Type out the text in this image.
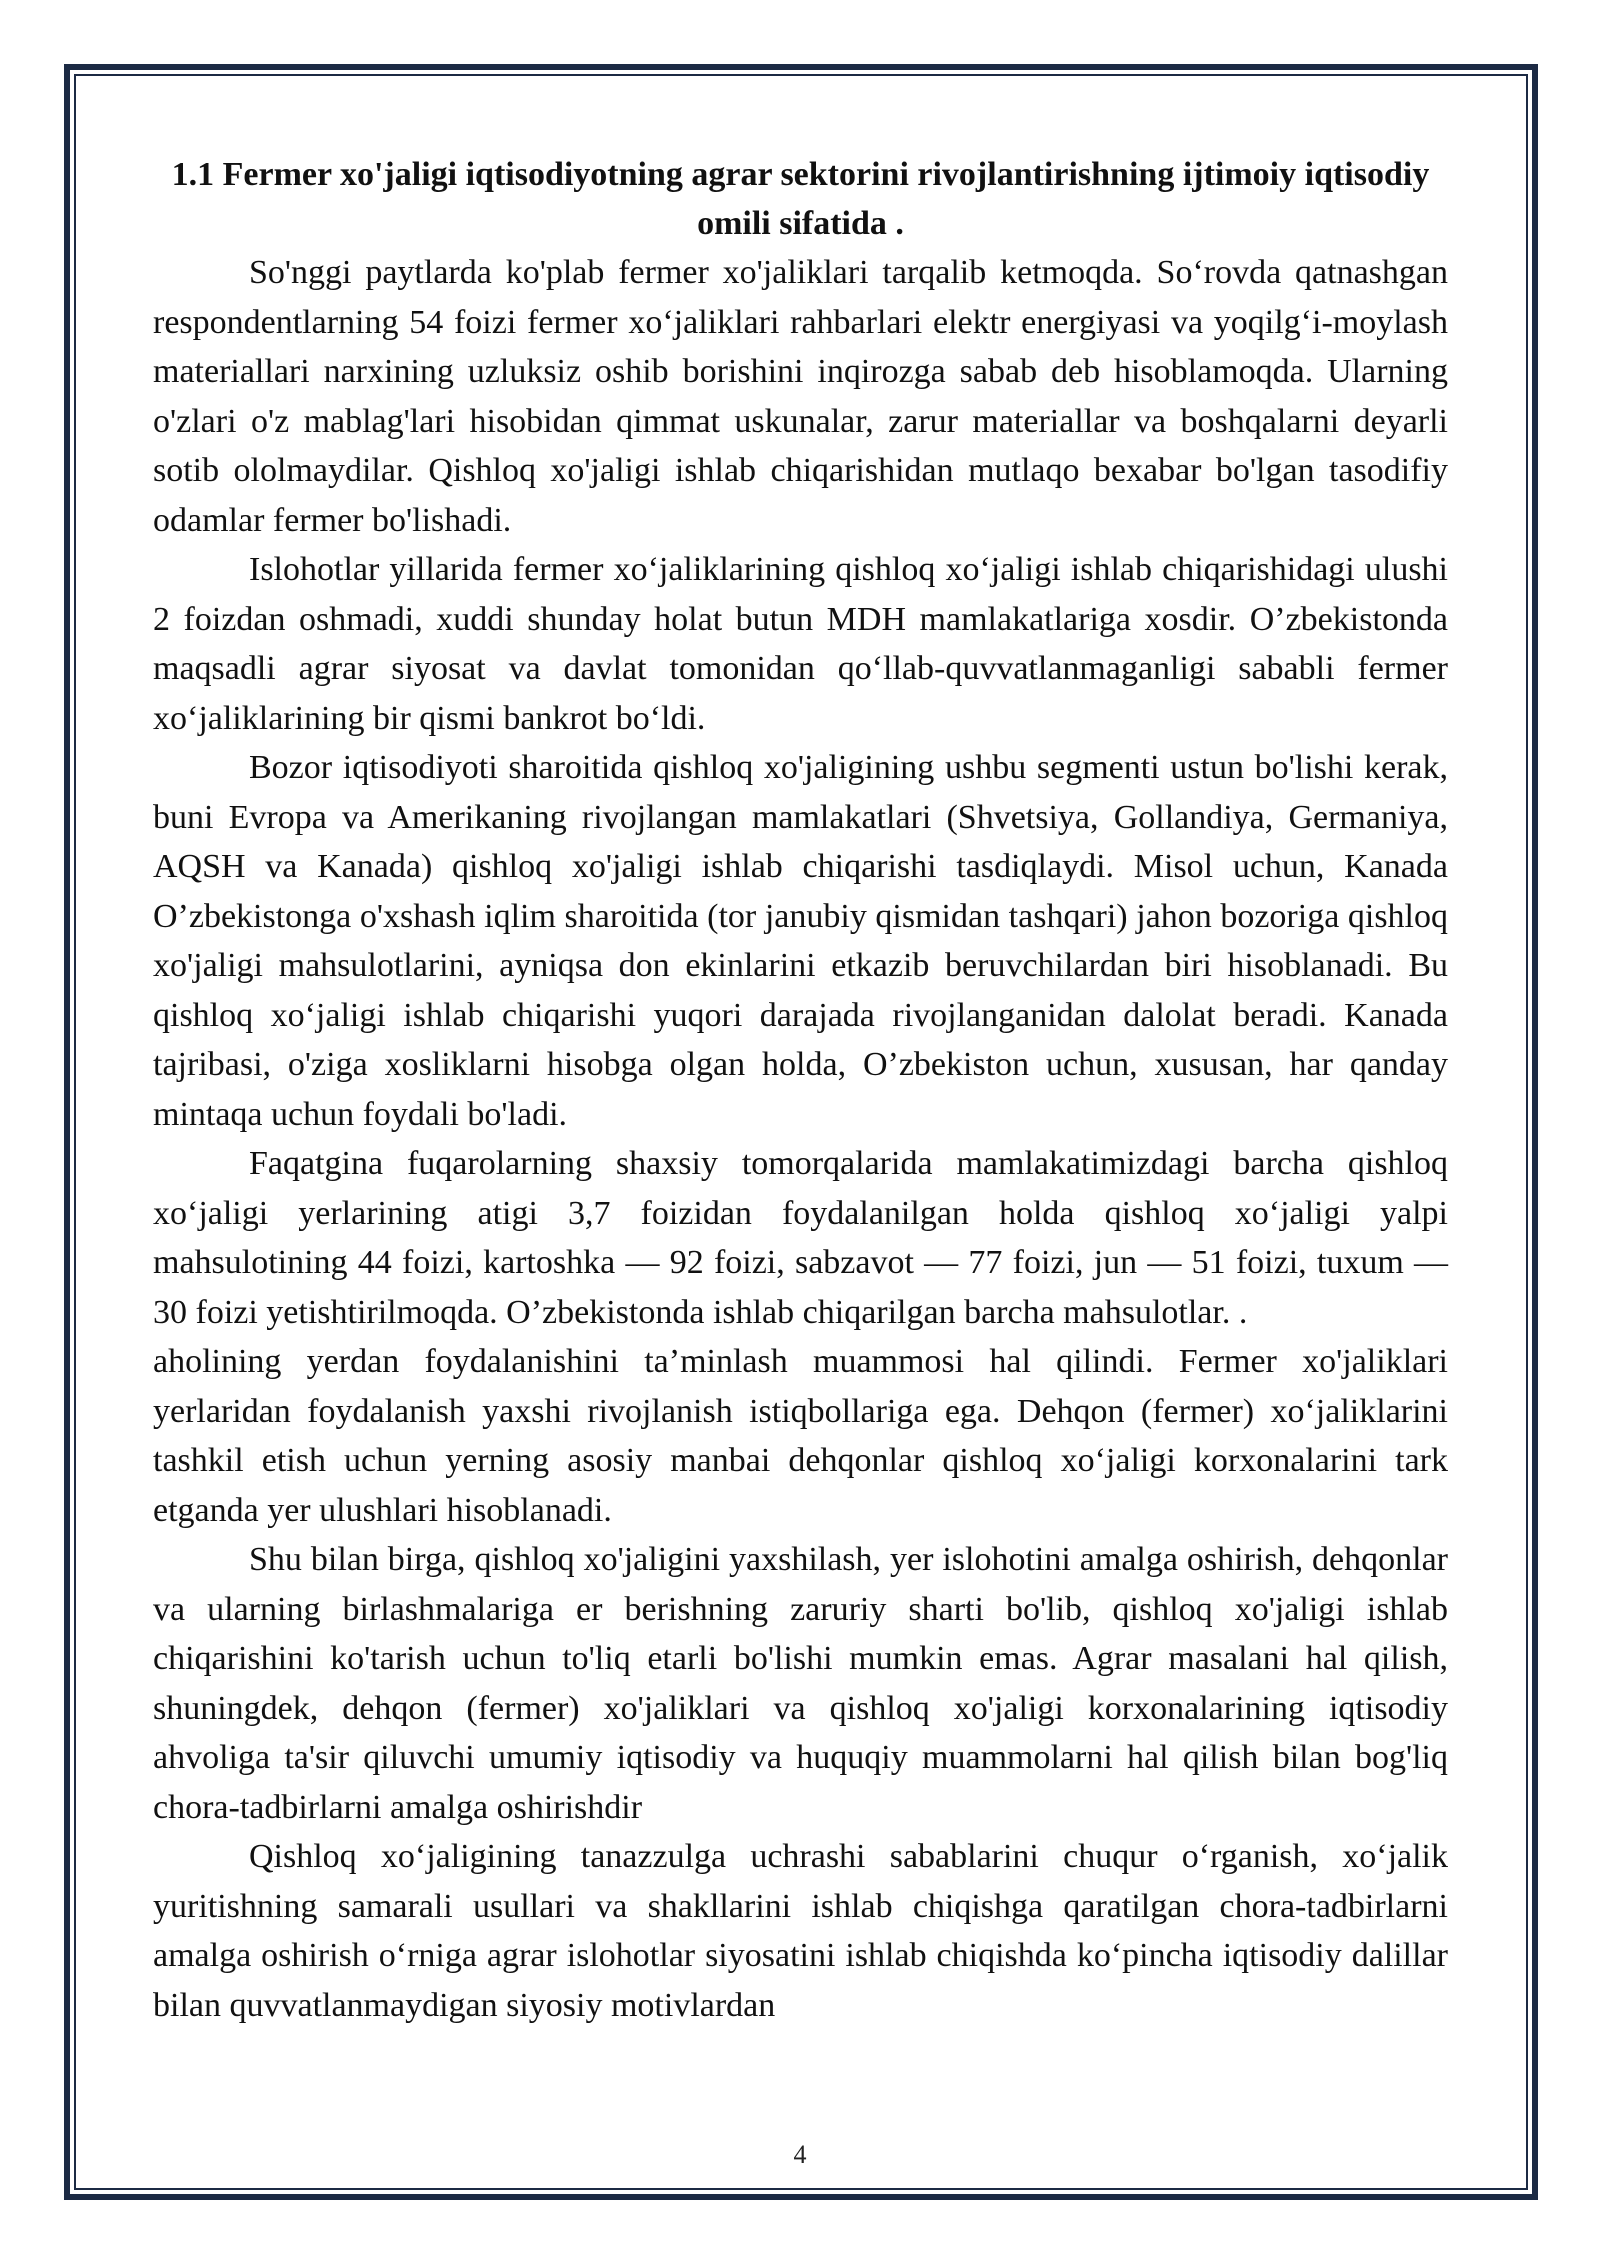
1.1 Fermer xo'jaligi iqtisodiyotning agrar sektorini rivojlantirishning ijtimoiy iqtisodiy omili sifatida .

So'nggi paytlarda ko'plab fermer xo'jaliklari tarqalib ketmoqda. So‘rovda qatnashgan respondentlarning 54 foizi fermer xo‘jaliklari rahbarlari elektr energiyasi va yoqilg‘i-moylash materiallari narxining uzluksiz oshib borishini inqirozga sabab deb hisoblamoqda. Ularning o'zlari o'z mablag'lari hisobidan qimmat uskunalar, zarur materiallar va boshqalarni deyarli sotib ololmaydilar. Qishloq xo'jaligi ishlab chiqarishidan mutlaqo bexabar bo'lgan tasodifiy odamlar fermer bo'lishadi.

Islohotlar yillarida fermer xo‘jaliklarining qishloq xo‘jaligi ishlab chiqarishidagi ulushi 2 foizdan oshmadi, xuddi shunday holat butun MDH mamlakatlariga xosdir. O’zbekistonda maqsadli agrar siyosat va davlat tomonidan qo‘llab-quvvatlanmaganligi sababli fermer xo‘jaliklarining bir qismi bankrot bo‘ldi.

Bozor iqtisodiyoti sharoitida qishloq xo'jaligining ushbu segmenti ustun bo'lishi kerak, buni Evropa va Amerikaning rivojlangan mamlakatlari (Shvetsiya, Gollandiya, Germaniya, AQSH va Kanada) qishloq xo'jaligi ishlab chiqarishi tasdiqlaydi. Misol uchun, Kanada O’zbekistonga o'xshash iqlim sharoitida (tor janubiy qismidan tashqari) jahon bozoriga qishloq xo'jaligi mahsulotlarini, ayniqsa don ekinlarini etkazib beruvchilardan biri hisoblanadi. Bu qishloq xo‘jaligi ishlab chiqarishi yuqori darajada rivojlanganidan dalolat beradi. Kanada tajribasi, o'ziga xosliklarni hisobga olgan holda, O’zbekiston uchun, xususan, har qanday mintaqa uchun foydali bo'ladi.

Faqatgina fuqarolarning shaxsiy tomorqalarida mamlakatimizdagi barcha qishloq xo‘jaligi yerlarining atigi 3,7 foizidan foydalanilgan holda qishloq xo‘jaligi yalpi mahsulotining 44 foizi, kartoshka — 92 foizi, sabzavot — 77 foizi, jun — 51 foizi, tuxum — 30 foizi yetishtirilmoqda. O’zbekistonda ishlab chiqarilgan barcha mahsulotlar. .

aholining yerdan foydalanishini ta’minlash muammosi hal qilindi. Fermer xo'jaliklari yerlaridan foydalanish yaxshi rivojlanish istiqbollariga ega. Dehqon (fermer) xo‘jaliklarini tashkil etish uchun yerning asosiy manbai dehqonlar qishloq xo‘jaligi korxonalarini tark etganda yer ulushlari hisoblanadi.

Shu bilan birga, qishloq xo'jaligini yaxshilash, yer islohotini amalga oshirish, dehqonlar va ularning birlashmalariga er berishning zaruriy sharti bo'lib, qishloq xo'jaligi ishlab chiqarishini ko'tarish uchun to'liq etarli bo'lishi mumkin emas. Agrar masalani hal qilish, shuningdek, dehqon (fermer) xo'jaliklari va qishloq xo'jaligi korxonalarining iqtisodiy ahvoliga ta'sir qiluvchi umumiy iqtisodiy va huquqiy muammolarni hal qilish bilan bog'liq chora-tadbirlarni amalga oshirishdir

Qishloq xo‘jaligining tanazzulga uchrashi sabablarini chuqur o‘rganish, xo‘jalik yuritishning samarali usullari va shakllarini ishlab chiqishga qaratilgan chora-tadbirlarni amalga oshirish o‘rniga agrar islohotlar siyosatini ishlab chiqishda ko‘pincha iqtisodiy dalillar bilan quvvatlanmaydigan siyosiy motivlardan

4
